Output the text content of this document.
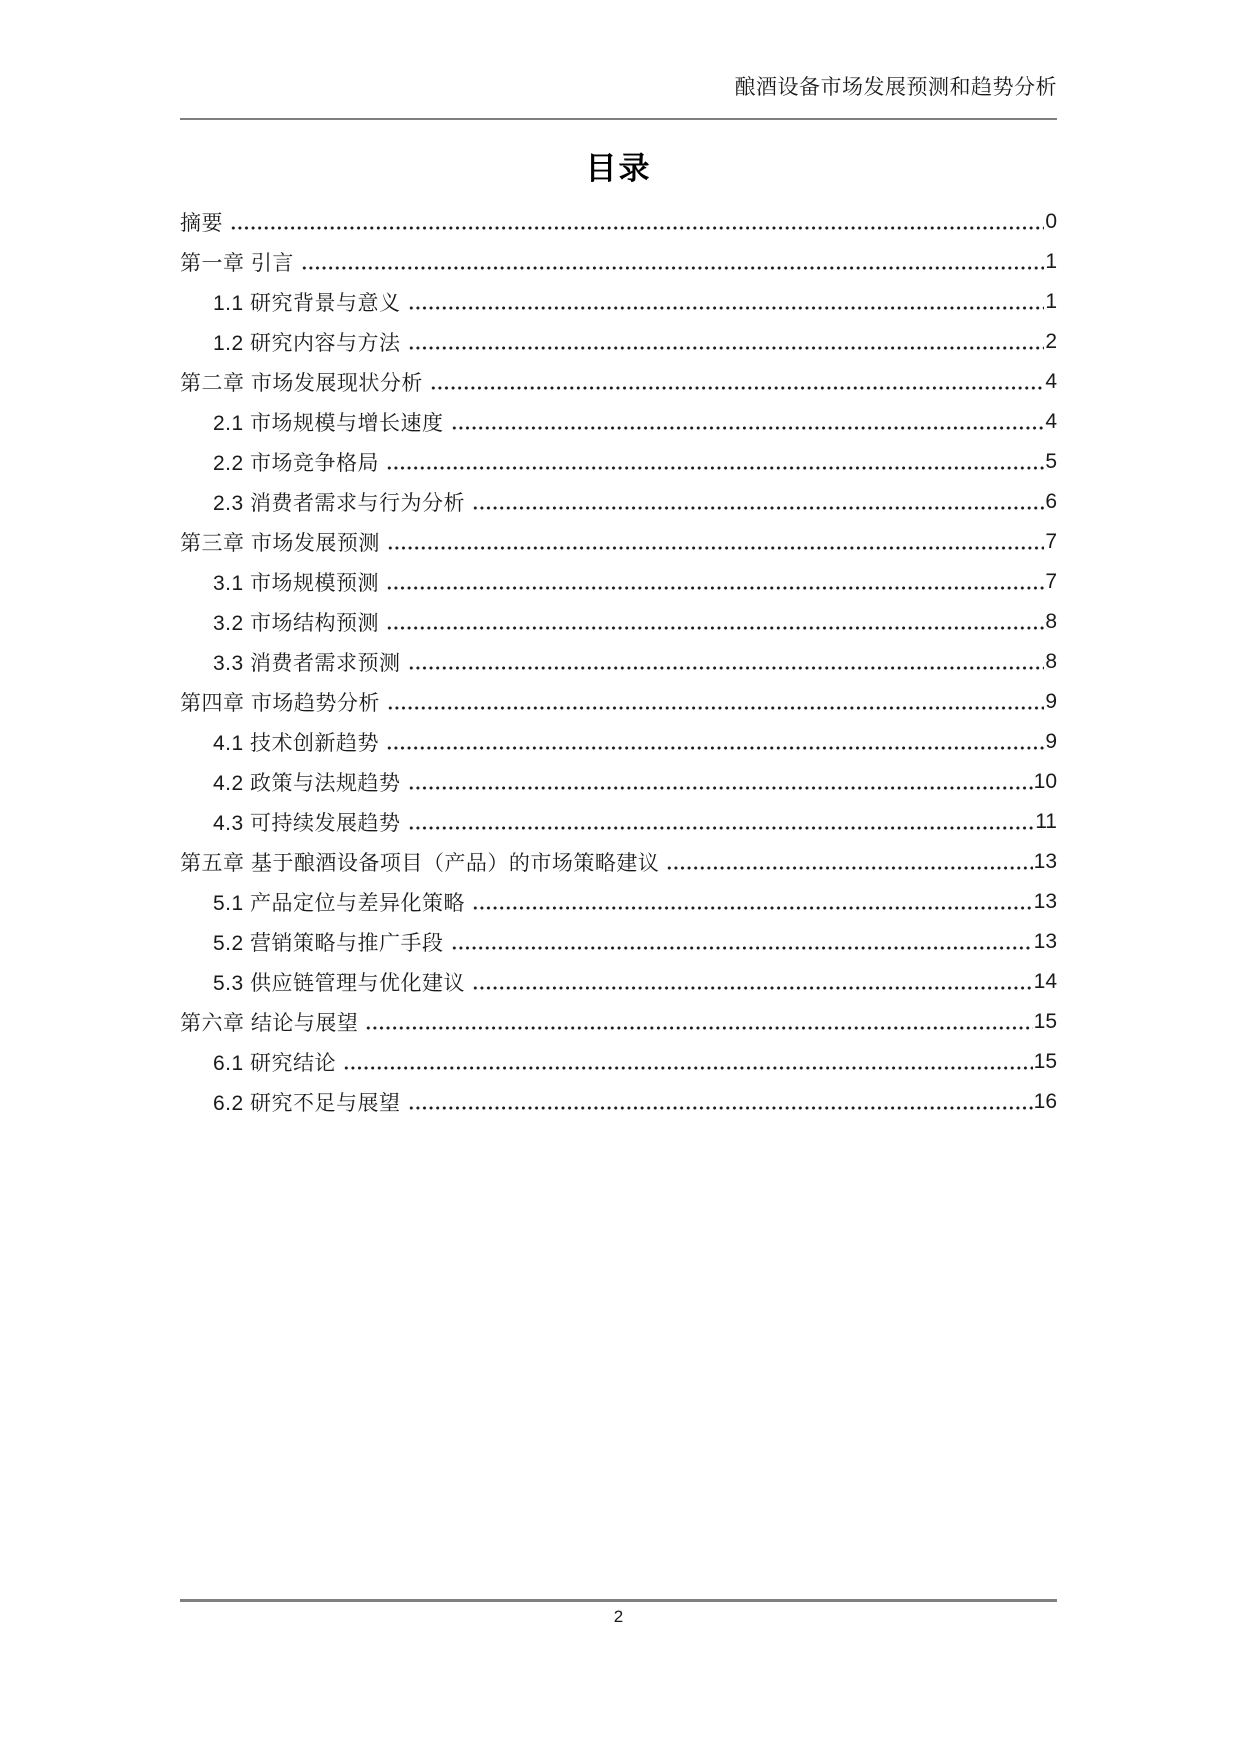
酿酒设备市场发展预测和趋势分析
目录
摘要	0
第一章 引言	1
1.1 研究背景与意义	1
1.2 研究内容与方法	2
第二章 市场发展现状分析	4
2.1 市场规模与增长速度	4
2.2 市场竞争格局	5
2.3 消费者需求与行为分析	6
第三章 市场发展预测	7
3.1 市场规模预测	7
3.2 市场结构预测	8
3.3 消费者需求预测	8
第四章 市场趋势分析	9
4.1 技术创新趋势	9
4.2 政策与法规趋势	10
4.3 可持续发展趋势	11
第五章 基于酿酒设备项目（产品）的市场策略建议	13
5.1 产品定位与差异化策略	13
5.2 营销策略与推广手段	13
5.3 供应链管理与优化建议	14
第六章 结论与展望	15
6.1 研究结论	15
6.2 研究不足与展望	16
2
